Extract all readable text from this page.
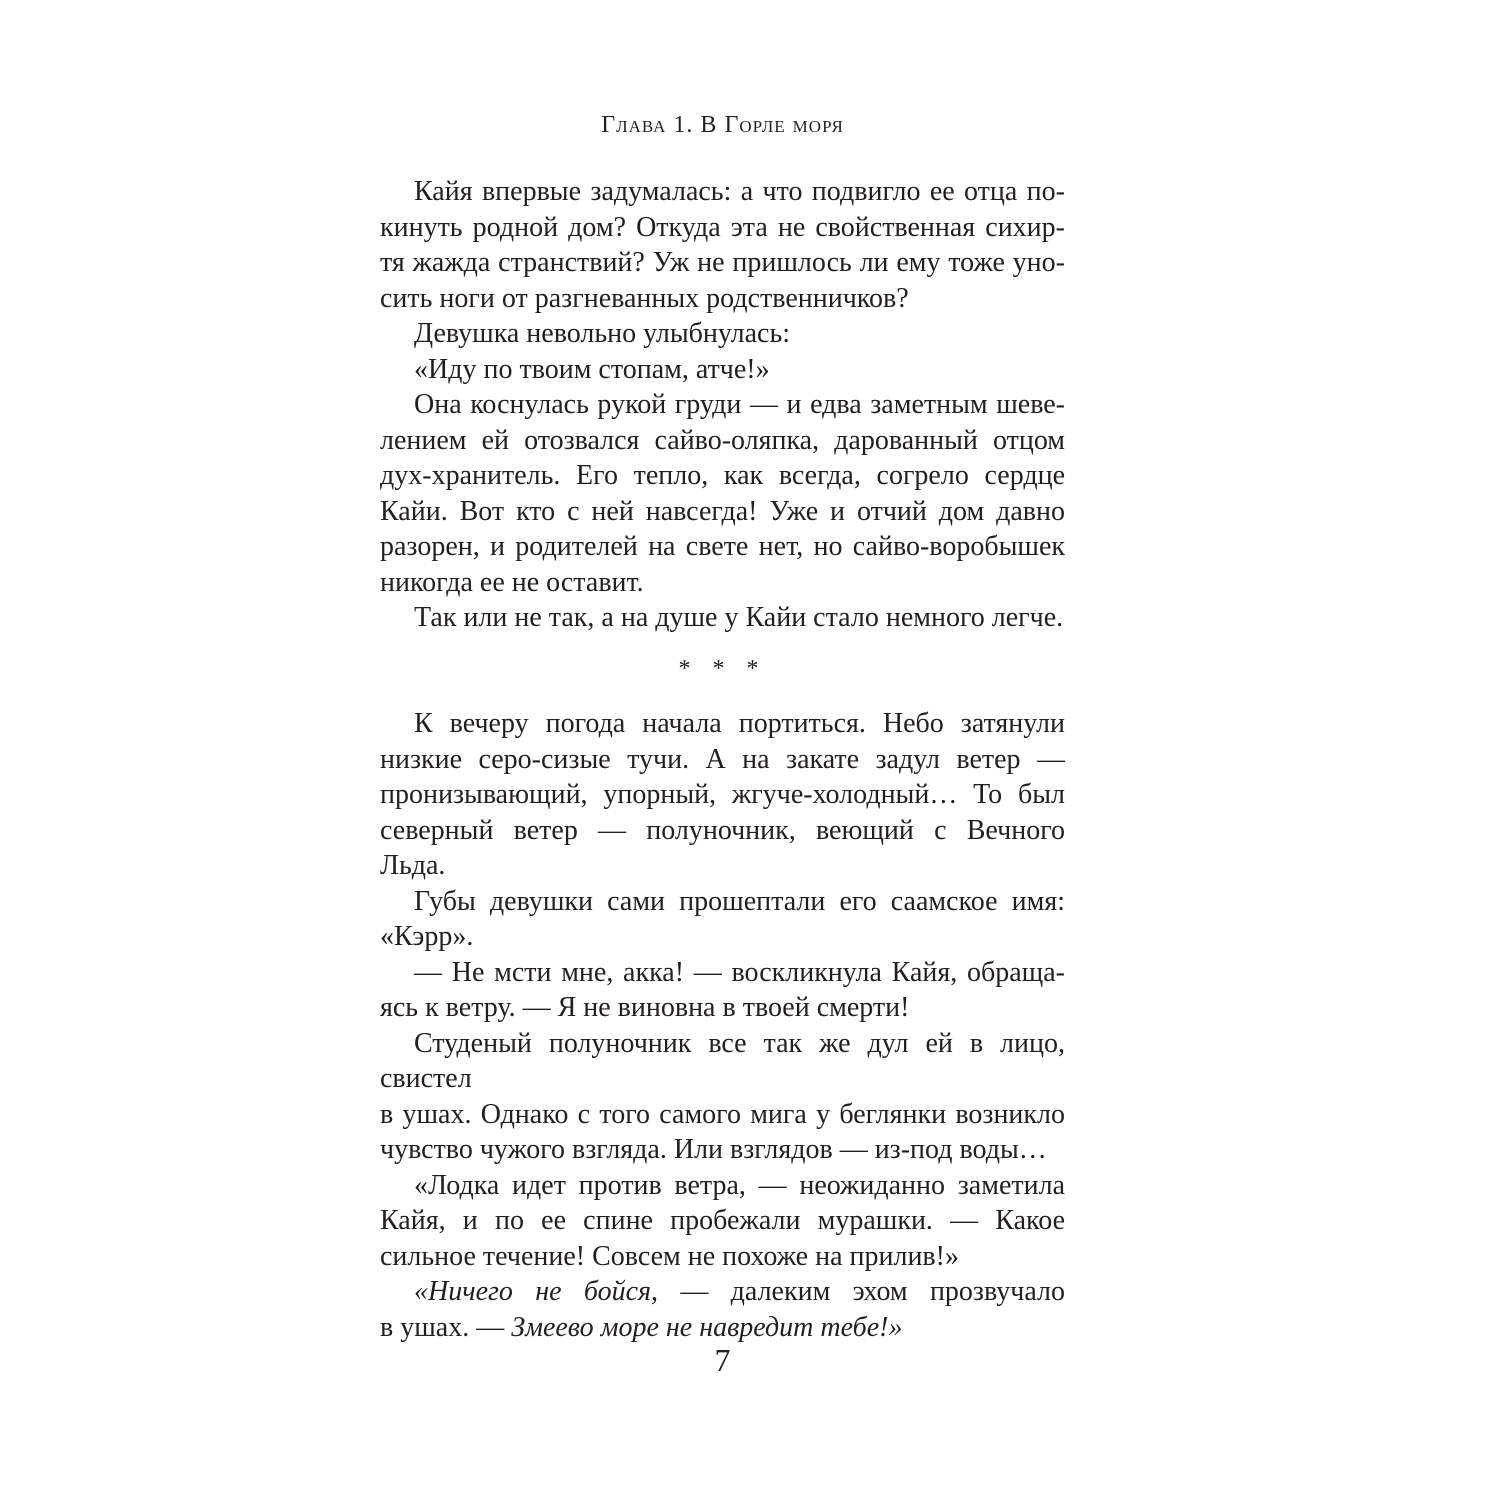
Глава 1. В Горле моря

Кайя впервые задумалась: а что подвигло ее отца по-

кинуть родной дом? Откуда эта не свойственная сихир-

тя жажда странствий? Уж не пришлось ли ему тоже уно-

сить ноги от разгневанных родственничков?

Девушка невольно улыбнулась:

«Иду по твоим стопам, атче!»

Она коснулась рукой груди — и едва заметным шеве-

лением ей отозвался сайво-оляпка, дарованный отцом

дух-хранитель. Его тепло, как всегда, согрело сердце

Кайи. Вот кто с ней навсегда! Уже и отчий дом давно

разорен, и родителей на свете нет, но сайво-воробышек

никогда ее не оставит.

Так или не так, а на душе у Кайи стало немного легче.

* * *

К вечеру погода начала портиться. Небо затянули

низкие серо-сизые тучи. А на закате задул ветер —

пронизывающий, упорный, жгуче-холодный… То был

северный ветер — полуночник, веющий с Вечного

Льда.

Губы девушки сами прошептали его саамское имя:

«Кэрр».

— Не мсти мне, акка! — воскликнула Кайя, обраща-

ясь к ветру. — Я не виновна в твоей смерти!

Студеный полуночник все так же дул ей в лицо, свистел

в ушах. Однако с того самого мига у беглянки возникло

чувство чужого взгляда. Или взглядов — из-под воды…

«Лодка идет против ветра, — неожиданно заметила

Кайя, и по ее спине пробежали мурашки. — Какое

сильное течение! Совсем не похоже на прилив!»

«Ничего не бойся, — далеким эхом прозвучало

в ушах. — Змеево море не навредит тебе!»

7
